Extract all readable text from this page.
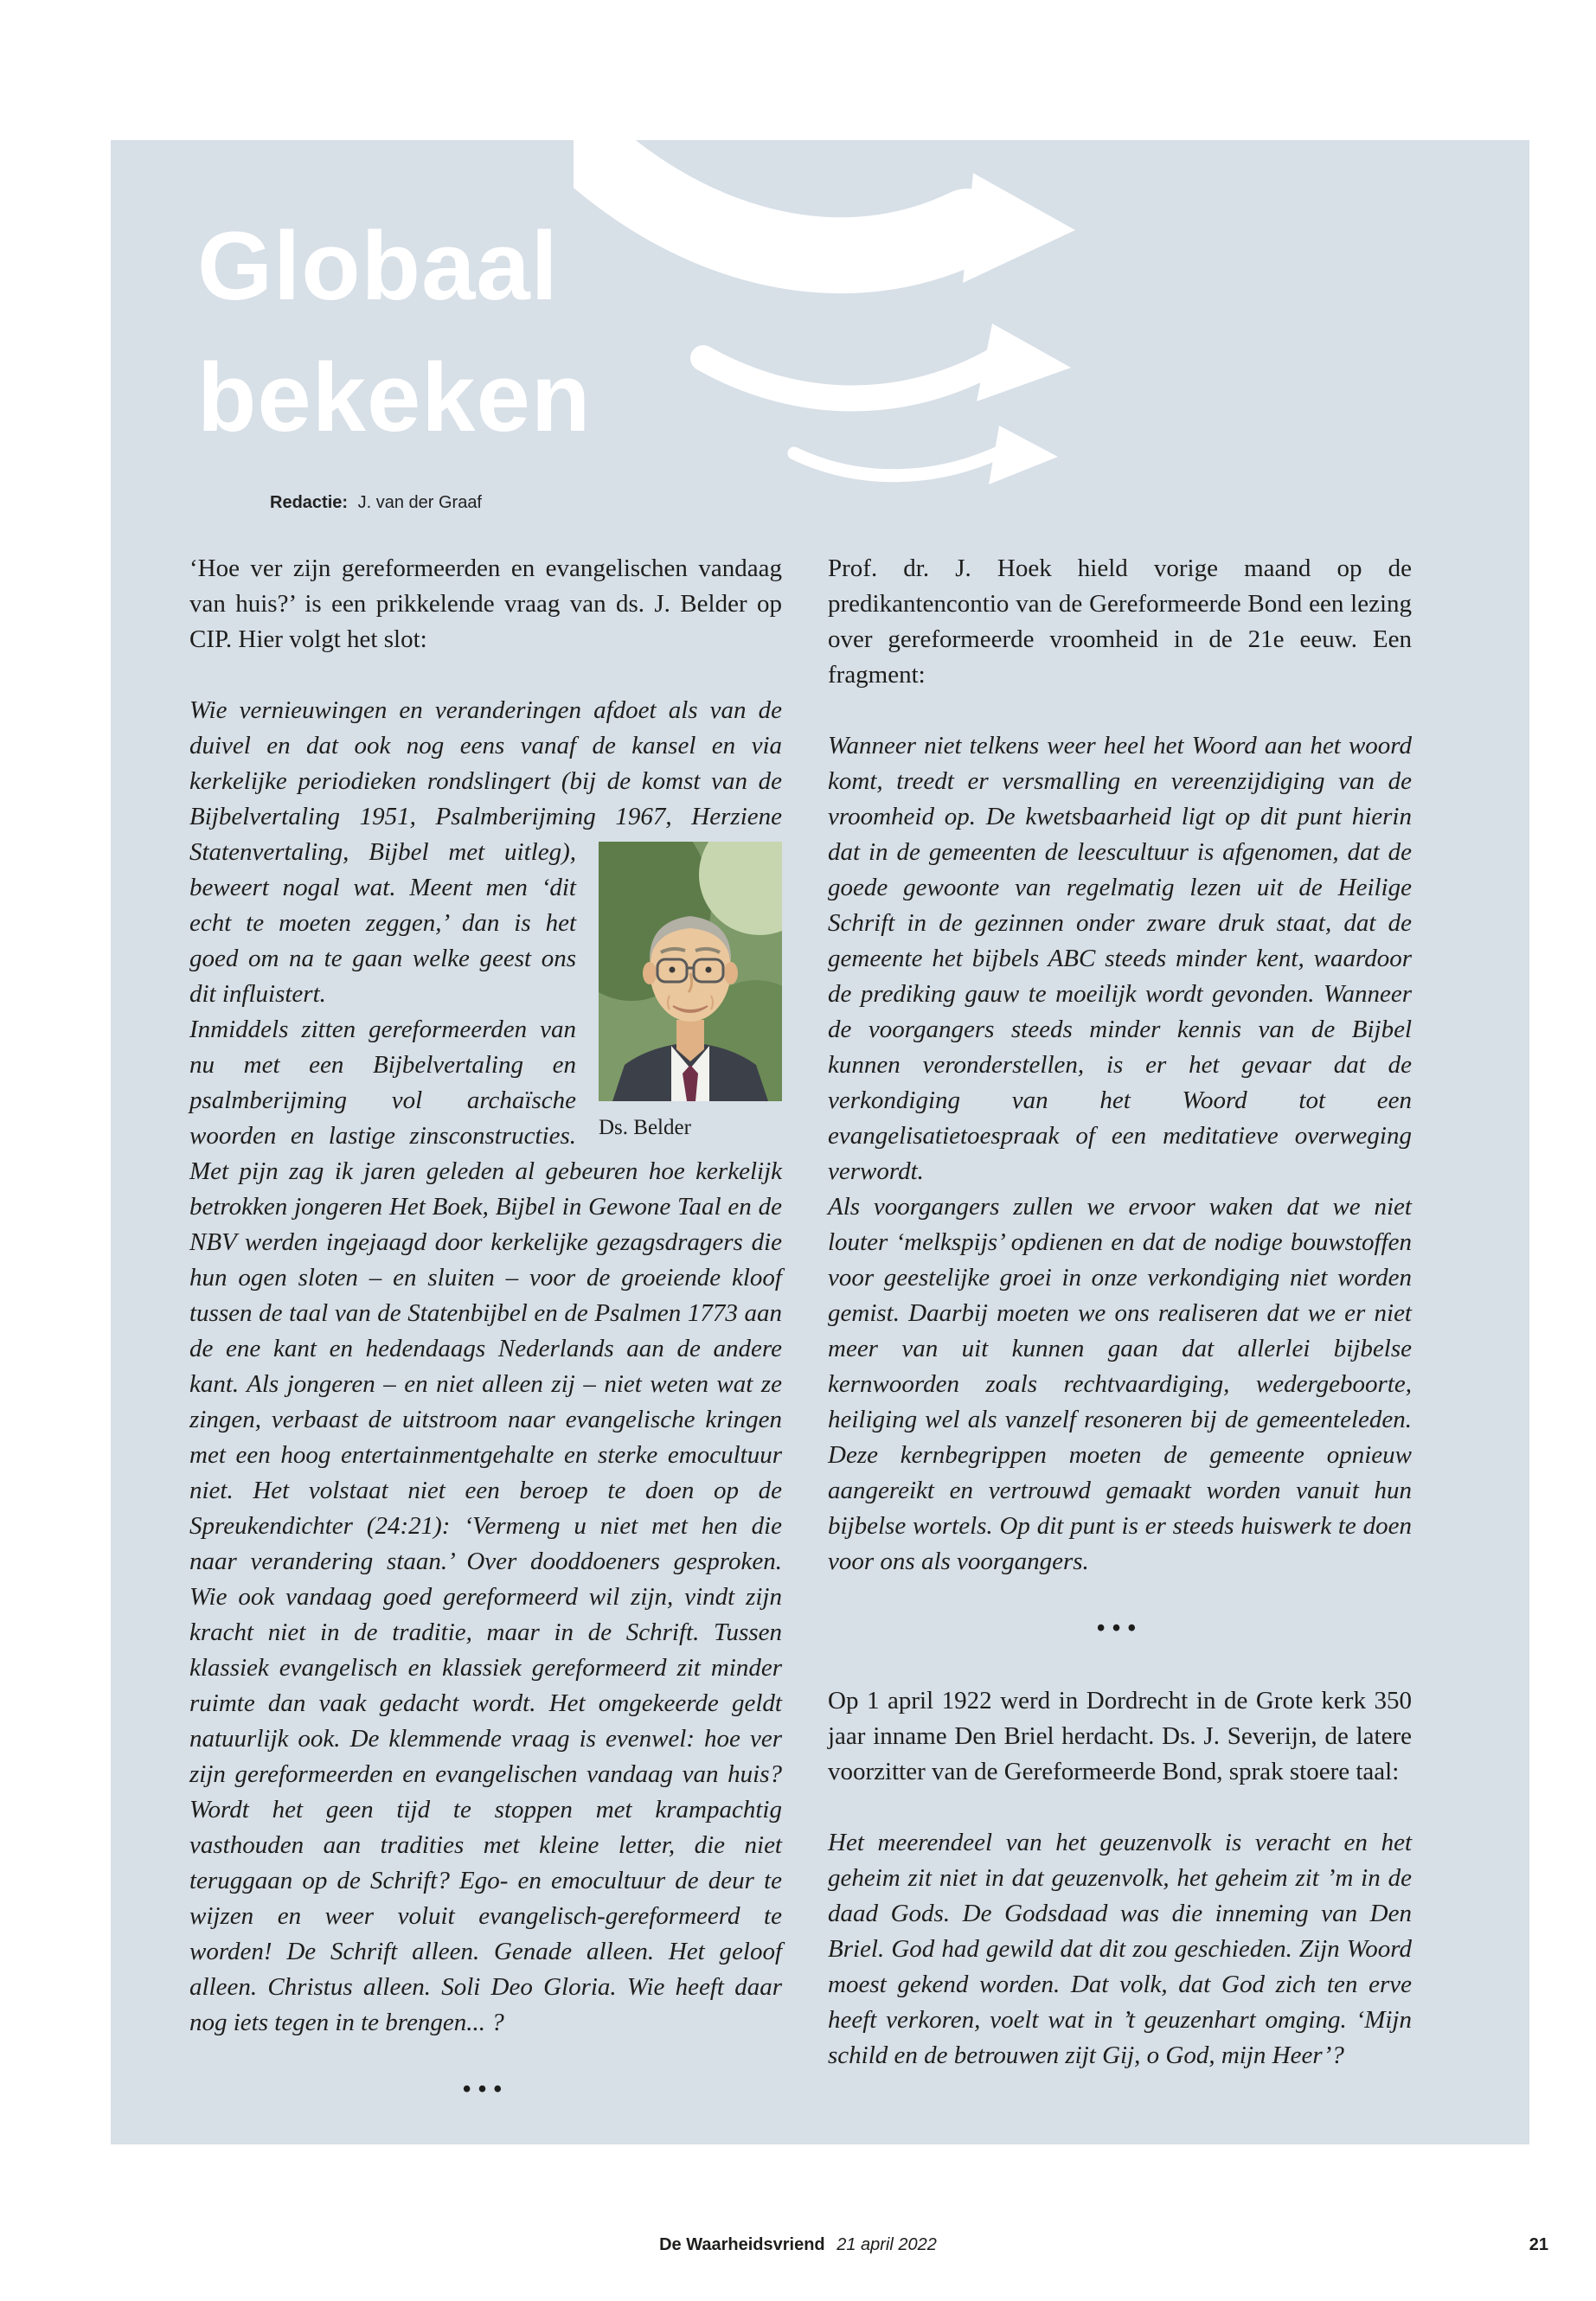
Globaal
bekeken
Redactie: J. van der Graaf

‘Hoe ver zijn gereformeerden en evangelischen vandaag van huis?’ is een prikkelende vraag van ds. J. Belder op CIP. Hier volgt het slot:

Wie vernieuwingen en veranderingen afdoet als van de duivel en dat ook nog eens vanaf de kansel en via kerkelijke periodieken rondslingert (bij de komst van de Bijbelvertaling 1951, Psalmberijming 1967, Herziene
Ds. Belder
Statenvertaling, Bijbel met uitleg), beweert nogal wat. Meent men ‘dit echt te moeten zeggen,’ dan is het goed om na te gaan welke geest ons dit influistert.
Inmiddels zitten gereformeerden van nu met een Bijbelvertaling en psalmberijming vol archaïsche woorden en lastige zinsconstructies. Met pijn zag ik jaren geleden al gebeuren hoe kerkelijk betrokken jongeren Het Boek, Bijbel in Gewone Taal en de NBV werden ingejaagd door kerkelijke gezagsdragers die hun ogen sloten – en sluiten – voor de groeiende kloof tussen de taal van de Statenbijbel en de Psalmen 1773 aan de ene kant en hedendaags Nederlands aan de andere kant. Als jongeren – en niet alleen zij – niet weten wat ze zingen, verbaast de uitstroom naar evangelische kringen met een hoog entertainmentgehalte en sterke emocultuur niet. Het volstaat niet een beroep te doen op de Spreukendichter (24:21): ‘Vermeng u niet met hen die naar verandering staan.’ Over dooddoeners gesproken. Wie ook vandaag goed gereformeerd wil zijn, vindt zijn kracht niet in de traditie, maar in de Schrift. Tussen klassiek evangelisch en klassiek gereformeerd zit minder ruimte dan vaak gedacht wordt. Het omgekeerde geldt natuurlijk ook. De klemmende vraag is evenwel: hoe ver zijn gereformeerden en evangelischen vandaag van huis? Wordt het geen tijd te stoppen met krampachtig vasthouden aan tradities met kleine letter, die niet teruggaan op de Schrift? Ego- en emocultuur de deur te wijzen en weer voluit evangelisch-gereformeerd te worden! De Schrift alleen. Genade alleen. Het geloof alleen. Christus alleen. Soli Deo Gloria. Wie heeft daar nog iets tegen in te brengen... ?

•••

Prof. dr. J. Hoek hield vorige maand op de predikantencontio van de Gereformeerde Bond een lezing over gereformeerde vroomheid in de 21e eeuw. Een fragment:

Wanneer niet telkens weer heel het Woord aan het woord komt, treedt er versmalling en vereenzijdiging van de vroomheid op. De kwetsbaarheid ligt op dit punt hierin dat in de gemeenten de leescultuur is afgenomen, dat de goede gewoonte van regelmatig lezen uit de Heilige Schrift in de gezinnen onder zware druk staat, dat de gemeente het bijbels ABC steeds minder kent, waardoor de prediking gauw te moeilijk wordt gevonden. Wanneer de voorgangers steeds minder kennis van de Bijbel kunnen veronderstellen, is er het gevaar dat de verkondiging van het Woord tot een evangelisatietoespraak of een meditatieve overweging verwordt.
Als voorgangers zullen we ervoor waken dat we niet louter ‘melkspijs’ opdienen en dat de nodige bouwstoffen voor geestelijke groei in onze verkondiging niet worden gemist. Daarbij moeten we ons realiseren dat we er niet meer van uit kunnen gaan dat allerlei bijbelse kernwoorden zoals rechtvaardiging, wedergeboorte, heiliging wel als vanzelf resoneren bij de gemeenteleden. Deze kernbegrippen moeten de gemeente opnieuw aangereikt en vertrouwd gemaakt worden vanuit hun bijbelse wortels. Op dit punt is er steeds huiswerk te doen voor ons als voorgangers.

•••

Op 1 april 1922 werd in Dordrecht in de Grote kerk 350 jaar inname Den Briel herdacht. Ds. J. Severijn, de latere voorzitter van de Gereformeerde Bond, sprak stoere taal:

Het meerendeel van het geuzenvolk is veracht en het geheim zit niet in dat geuzenvolk, het geheim zit ’m in de daad Gods. De Godsdaad was die inneming van Den Briel. God had gewild dat dit zou geschieden. Zijn Woord moest gekend worden. Dat volk, dat God zich ten erve heeft verkoren, voelt wat in ’t geuzenhart omging. ‘Mijn schild en de betrouwen zijt Gij, o God, mijn Heer’?

De Waarheidsvriend 21 april 2022	21
